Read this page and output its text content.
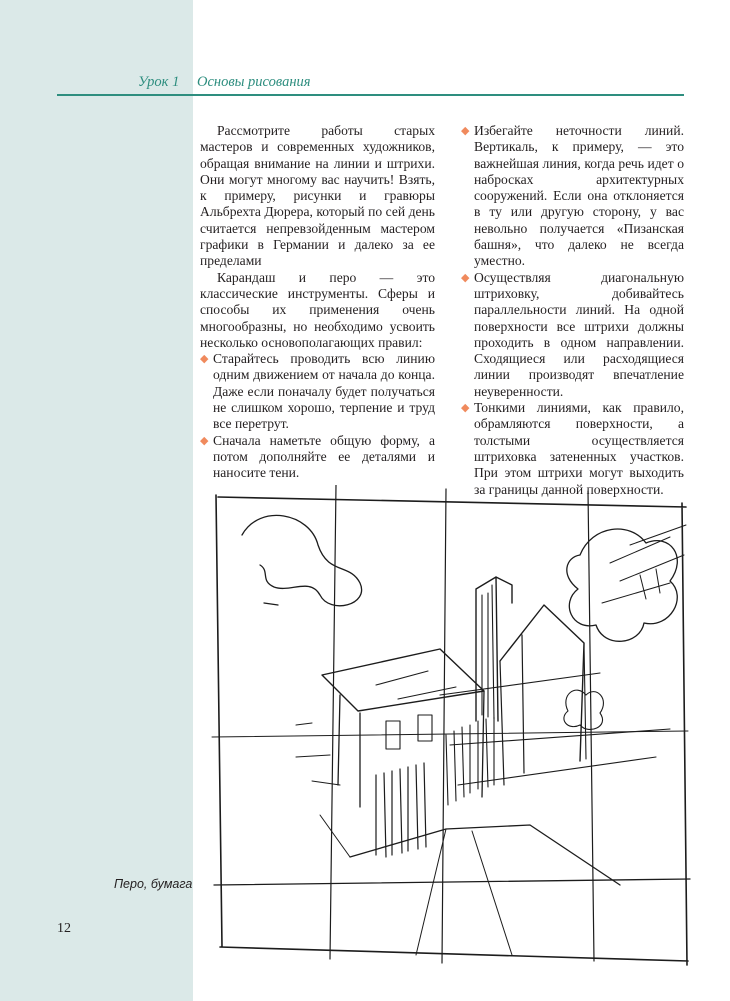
Урок 1 Основы рисования

Рассмотрите работы старых мастеров и современных художников, обращая внимание на линии и штрихи. Они могут многому вас научить! Взять, к примеру, рисунки и гравюры Альбрехта Дюрера, который по сей день считается непревзойденным мастером графики в Германии и далеко за ее пределами

Карандаш и перо — это классические инструменты. Сферы и способы их применения очень многообразны, но необходимо усвоить несколько основополагающих правил:

◆ Старайтесь проводить всю линию одним движением от начала до конца. Даже если поначалу будет получаться не слишком хорошо, терпение и труд все перетрут.
◆ Сначала наметьте общую форму, а потом дополняйте ее деталями и наносите тени.
◆ Избегайте неточности линий. Вертикаль, к примеру, — это важнейшая линия, когда речь идет о набросках архитектурных сооружений. Если она отклоняется в ту или другую сторону, у вас невольно получается «Пизанская башня», что далеко не всегда уместно.
◆ Осуществляя диагональную штриховку, добивайтесь параллельности линий. На одной поверхности все штрихи должны проходить в одном направлении. Сходящиеся или расходящиеся линии производят впечатление неуверенности.
◆ Тонкими линиями, как правило, обрамляются поверхности, а толстыми осуществляется штриховка затененных участков. При этом штрихи могут выходить за границы данной поверхности.
Перо, бумага
12
